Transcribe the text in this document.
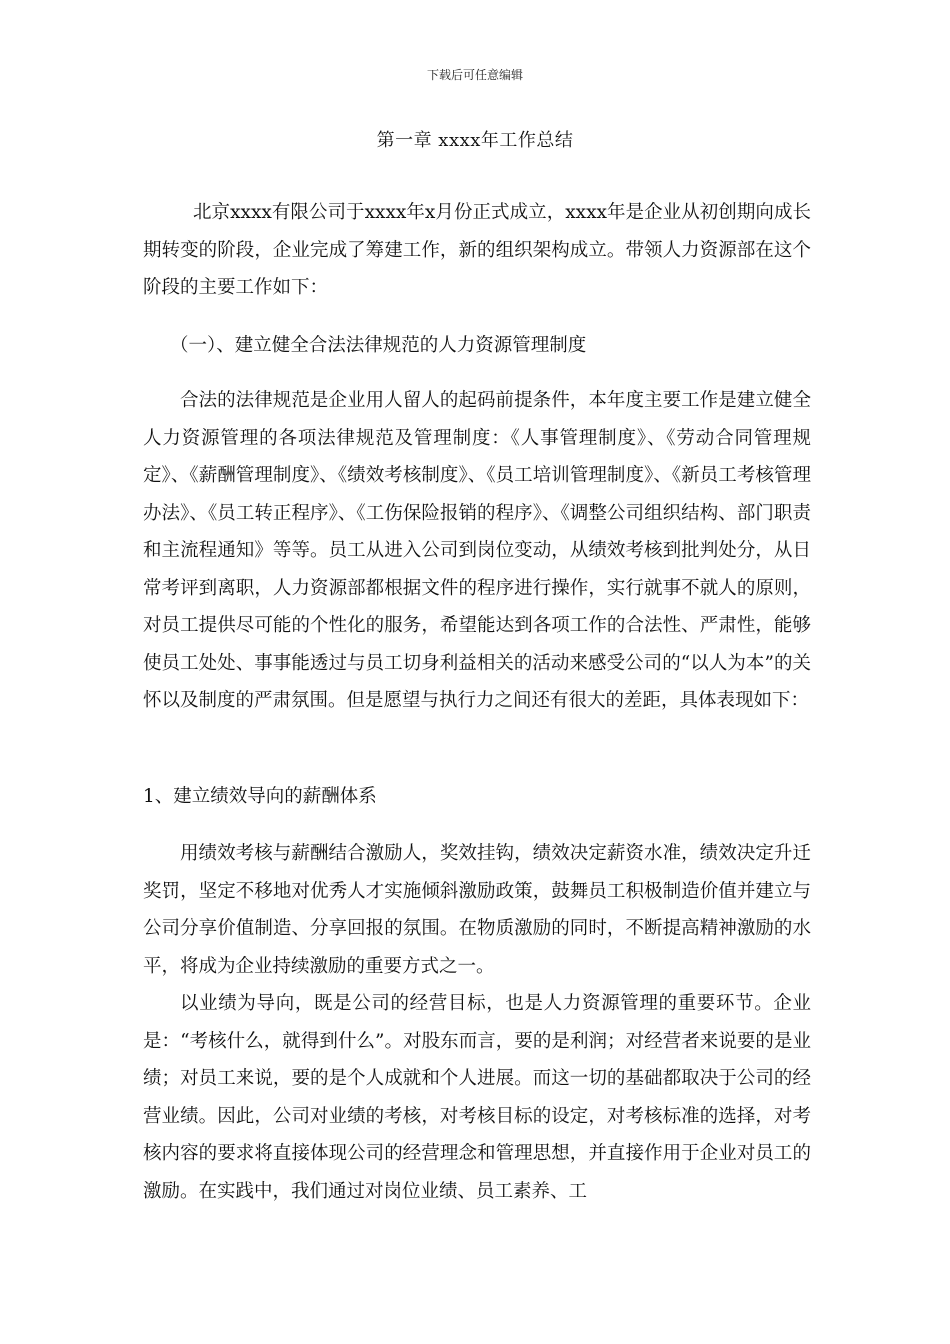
下载后可任意编辑
第一章 xxxx年工作总结
北京xxxx有限公司于xxxx年x月份正式成立，xxxx年是企业从初创期向成长期转变的阶段，企业完成了筹建工作，新的组织架构成立。带领人力资源部在这个阶段的主要工作如下：
（一）、建立健全合法法律规范的人力资源管理制度
合法的法律规范是企业用人留人的起码前提条件，本年度主要工作是建立健全人力资源管理的各项法律规范及管理制度：《人事管理制度》、《劳动合同管理规定》、《薪酬管理制度》、《绩效考核制度》、《员工培训管理制度》、《新员工考核管理办法》、《员工转正程序》、《工伤保险报销的程序》、《调整公司组织结构、部门职责和主流程通知》等等。员工从进入公司到岗位变动，从绩效考核到批判处分，从日常考评到离职，人力资源部都根据文件的程序进行操作，实行就事不就人的原则，对员工提供尽可能的个性化的服务，希望能达到各项工作的合法性、严肃性，能够使员工处处、事事能透过与员工切身利益相关的活动来感受公司的“以人为本”的关怀以及制度的严肃氛围。但是愿望与执行力之间还有很大的差距，具体表现如下：
1、建立绩效导向的薪酬体系
用绩效考核与薪酬结合激励人，奖效挂钩，绩效决定薪资水准，绩效决定升迁奖罚，坚定不移地对优秀人才实施倾斜激励政策，鼓舞员工积极制造价值并建立与公司分享价值制造、分享回报的氛围。在物质激励的同时，不断提高精神激励的水平，将成为企业持续激励的重要方式之一。
以业绩为导向，既是公司的经营目标，也是人力资源管理的重要环节。企业是：“考核什么，就得到什么”。对股东而言，要的是利润；对经营者来说要的是业绩；对员工来说，要的是个人成就和个人进展。而这一切的基础都取决于公司的经营业绩。因此，公司对业绩的考核，对考核目标的设定，对考核标准的选择，对考核内容的要求将直接体现公司的经营理念和管理思想，并直接作用于企业对员工的激励。在实践中，我们通过对岗位业绩、员工素养、工
